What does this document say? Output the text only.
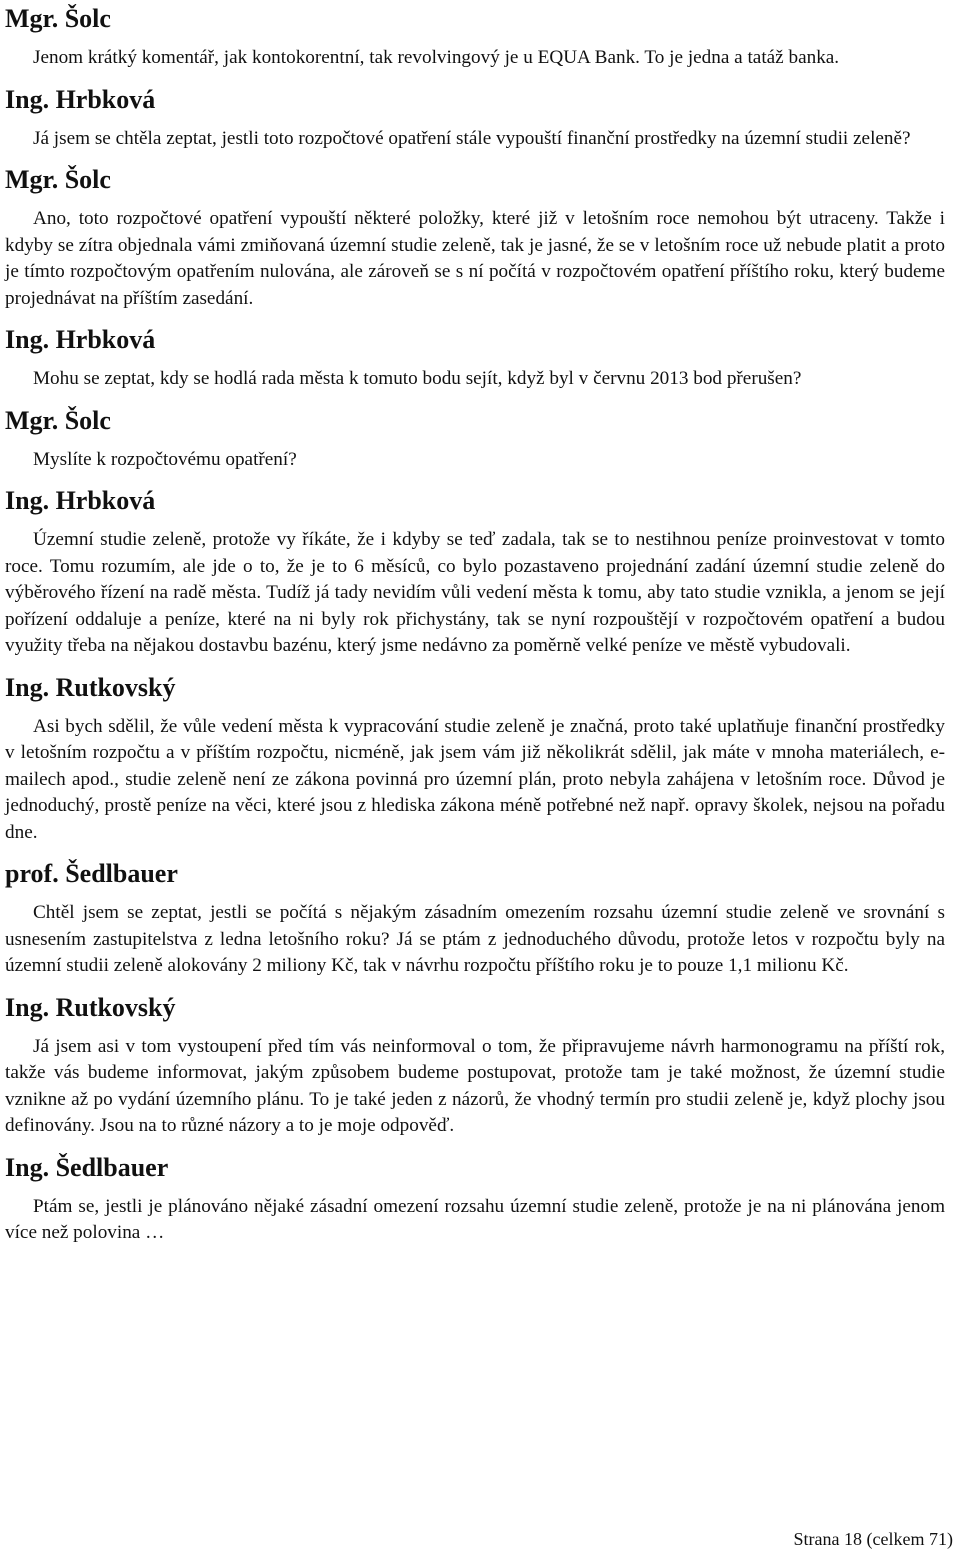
Mgr. Šolc

Jenom krátký komentář, jak kontokorentní, tak revolvingový je u EQUA Bank. To je jedna a tatáž banka.

Ing. Hrbková

Já jsem se chtěla zeptat, jestli toto rozpočtové opatření stále vypouští finanční prostředky na územní studii zeleně?

Mgr. Šolc

Ano, toto rozpočtové opatření vypouští některé položky, které již v letošním roce nemohou být utraceny. Takže i kdyby se zítra objednala vámi zmiňovaná územní studie zeleně, tak je jasné, že se v letošním roce už nebude platit a proto je tímto rozpočtovým opatřením nulována, ale zároveň se s ní počítá v rozpočtovém opatření příštího roku, který budeme projednávat na příštím zasedání.

Ing. Hrbková

Mohu se zeptat, kdy se hodlá rada města k tomuto bodu sejít, když byl v červnu 2013 bod přerušen?

Mgr. Šolc

Myslíte k rozpočtovému opatření?

Ing. Hrbková

Územní studie zeleně, protože vy říkáte, že i kdyby se teď zadala, tak se to nestihnou peníze proinvestovat v tomto roce. Tomu rozumím, ale jde o to, že je to 6 měsíců, co bylo pozastaveno projednání zadání územní studie zeleně do výběrového řízení na radě města. Tudíž já tady nevidím vůli vedení města k tomu, aby tato studie vznikla, a jenom se její pořízení oddaluje a peníze, které na ni byly rok přichystány, tak se nyní rozpouštějí v rozpočtovém opatření a budou využity třeba na nějakou dostavbu bazénu, který jsme nedávno za poměrně velké peníze ve městě vybudovali.

Ing. Rutkovský

Asi bych sdělil, že vůle vedení města k vypracování studie zeleně je značná, proto také uplatňuje finanční prostředky v letošním rozpočtu a v příštím rozpočtu, nicméně, jak jsem vám již několikrát sdělil, jak máte v mnoha materiálech, e-mailech apod., studie zeleně není ze zákona povinná pro územní plán, proto nebyla zahájena v letošním roce. Důvod je jednoduchý, prostě peníze na věci, které jsou z hlediska zákona méně potřebné než např. opravy školek, nejsou na pořadu dne.

prof. Šedlbauer

Chtěl jsem se zeptat, jestli se počítá s nějakým zásadním omezením rozsahu územní studie zeleně ve srovnání s usnesením zastupitelstva z ledna letošního roku? Já se ptám z jednoduchého důvodu, protože letos v rozpočtu byly na územní studii zeleně alokovány 2 miliony Kč, tak v návrhu rozpočtu příštího roku je to pouze 1,1 milionu Kč.

Ing. Rutkovský

Já jsem asi v tom vystoupení před tím vás neinformoval o tom, že připravujeme návrh harmonogramu na příští rok, takže vás budeme informovat, jakým způsobem budeme postupovat, protože tam je také možnost, že územní studie vznikne až po vydání územního plánu. To je také jeden z názorů, že vhodný termín pro studii zeleně je, když plochy jsou definovány. Jsou na to různé názory a to je moje odpověď.

Ing. Šedlbauer

Ptám se, jestli je plánováno nějaké zásadní omezení rozsahu územní studie zeleně, protože je na ni plánována jenom více než polovina …

Strana 18 (celkem 71)
